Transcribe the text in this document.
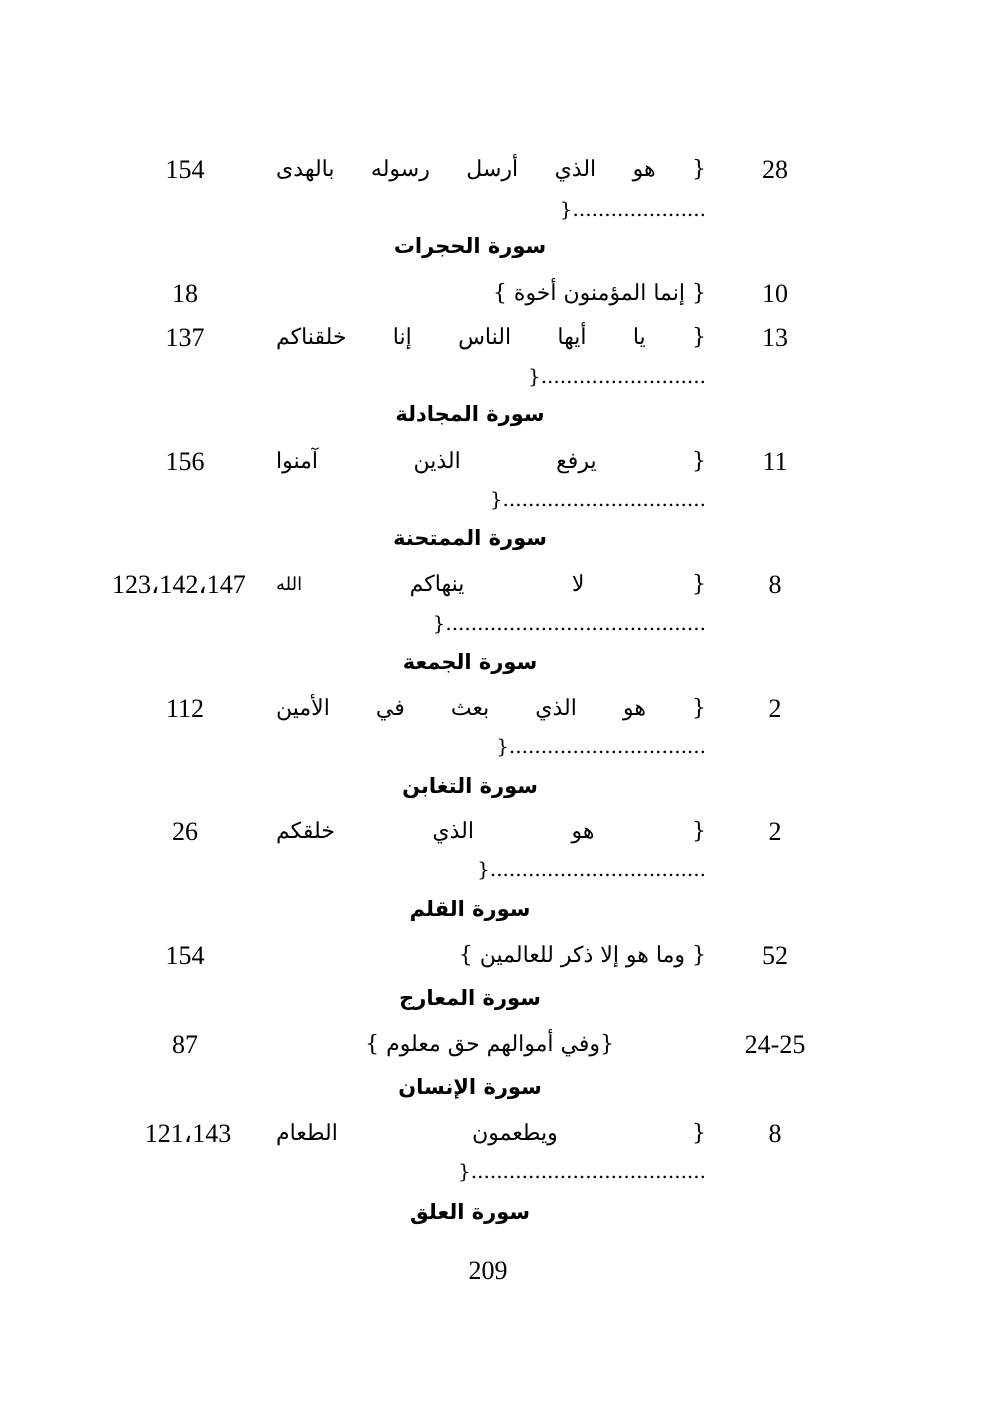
28
{
هو
الذي
أرسل
رسوله
بالهدى
154
}.....................
سورة الحجرات
10
{ إنما المؤمنون أخوة }
18
13
{
يا
أيها
الناس
إنا
خلقناكم
137
}..........................
سورة المجادلة
11
{
يرفع
الذين
آمنوا
156
}................................
سورة الممتحنة
8
{
لا
ينهاكم
الله
123،142،147
}.........................................
سورة الجمعة
2
{
هو
الذي
بعث
في
الأمين
112
}...............................
سورة التغابن
2
{
هو
الذي
خلقكم
26
}..................................
سورة القلم
52
{ وما هو إلا ذكر للعالمين }
154
سورة المعارج
24-25
{وفي أموالهم حق معلوم }
87
سورة الإنسان
8
{
ويطعمون
الطعام
121،143
}.....................................
سورة العلق
209
